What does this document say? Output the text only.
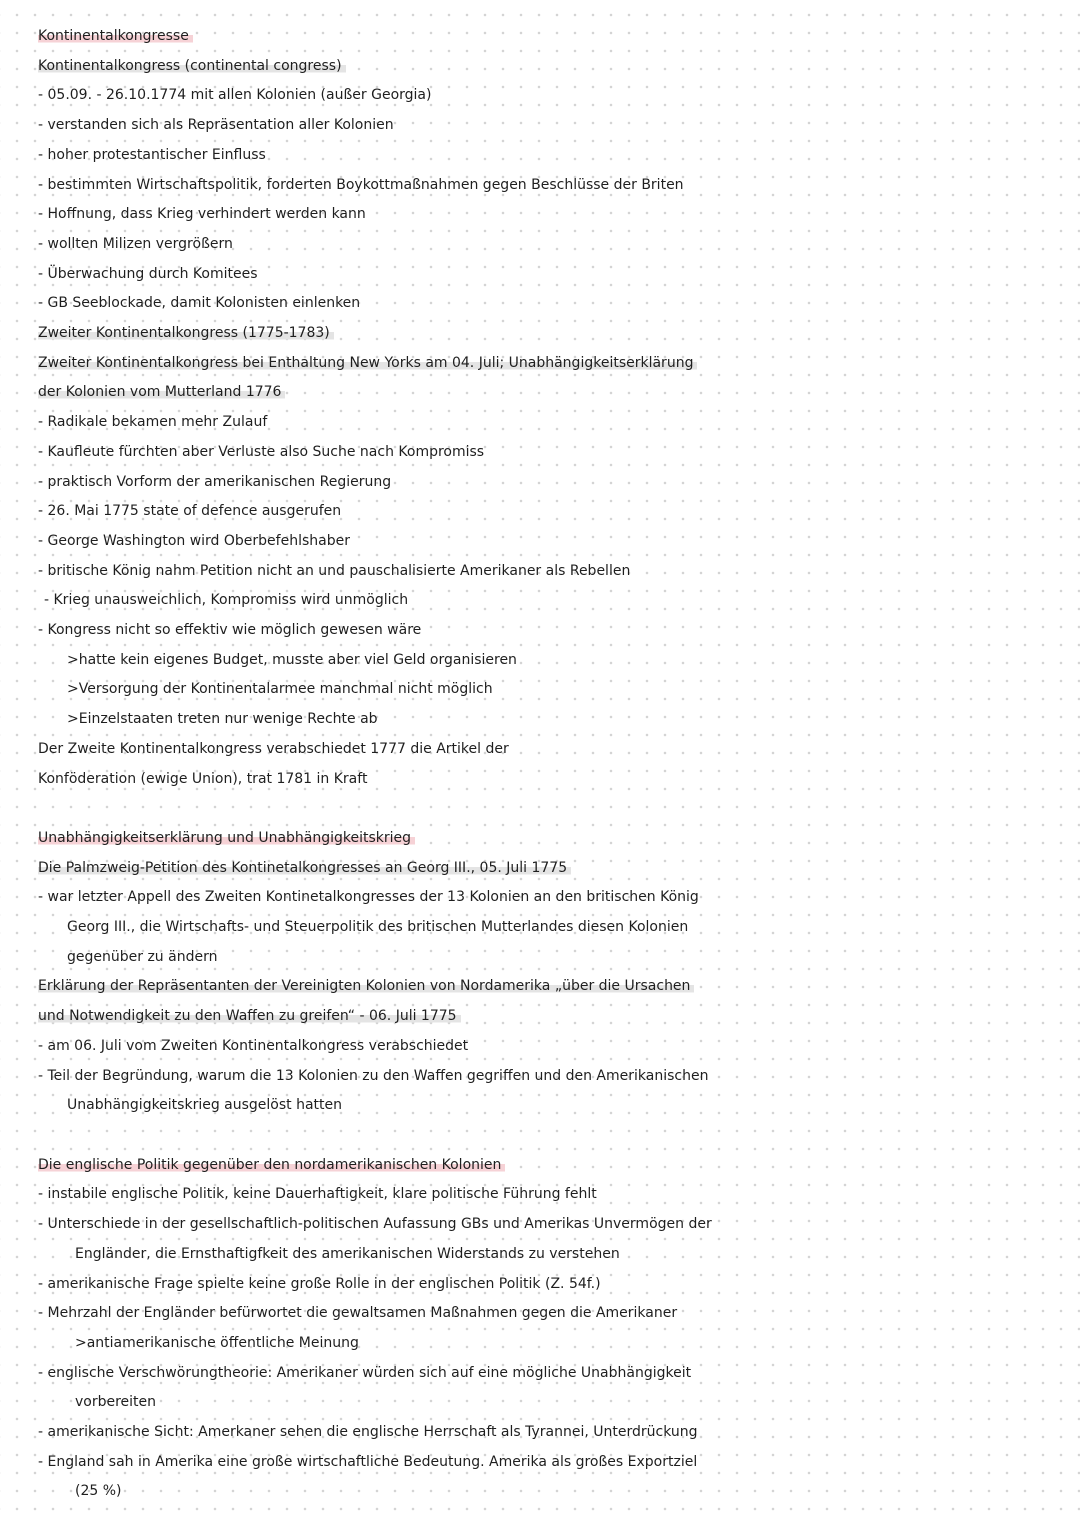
Kontinentalkongresse
Kontinentalkongress (continental congress)
- 05.09. - 26.10.1774 mit allen Kolonien (außer Georgia)
- verstanden sich als Repräsentation aller Kolonien
- hoher protestantischer Einfluss
- bestimmten Wirtschaftspolitik, forderten Boykottmaßnahmen gegen Beschlüsse der Briten
- Hoffnung, dass Krieg verhindert werden kann
- wollten Milizen vergrößern
- Überwachung durch Komitees
- GB Seeblockade, damit Kolonisten einlenken
Zweiter Kontinentalkongress (1775-1783)
Zweiter Kontinentalkongress bei Enthaltung New Yorks am 04. Juli; Unabhängigkeitserklärung
der Kolonien vom Mutterland 1776
- Radikale bekamen mehr Zulauf
- Kaufleute fürchten aber Verluste also Suche nach Kompromiss
- praktisch Vorform der amerikanischen Regierung
- 26. Mai 1775 state of defence ausgerufen
- George Washington wird Oberbefehlshaber
- britische König nahm Petition nicht an und pauschalisierte Amerikaner als Rebellen
- Krieg unausweichlich, Kompromiss wird unmöglich
- Kongress nicht so effektiv wie möglich gewesen wäre
>hatte kein eigenes Budget, musste aber viel Geld organisieren
>Versorgung der Kontinentalarmee manchmal nicht möglich
>Einzelstaaten treten nur wenige Rechte ab
Der Zweite Kontinentalkongress verabschiedet 1777 die Artikel der
Konföderation (ewige Union), trat 1781 in Kraft
Unabhängigkeitserklärung und Unabhängigkeitskrieg
Die Palmzweig-Petition des Kontinetalkongresses an Georg III., 05. Juli 1775
- war letzter Appell des Zweiten Kontinetalkongresses der 13 Kolonien an den britischen König
Georg III., die Wirtschafts- und Steuerpolitik des britischen Mutterlandes diesen Kolonien
gegenüber zu ändern
Erklärung der Repräsentanten der Vereinigten Kolonien von Nordamerika „über die Ursachen
und Notwendigkeit zu den Waffen zu greifen“ - 06. Juli 1775
- am 06. Juli vom Zweiten Kontinentalkongress verabschiedet
- Teil der Begründung, warum die 13 Kolonien zu den Waffen gegriffen und den Amerikanischen
Unabhängigkeitskrieg ausgelöst hatten
Die englische Politik gegenüber den nordamerikanischen Kolonien
- instabile englische Politik, keine Dauerhaftigkeit, klare politische Führung fehlt
- Unterschiede in der gesellschaftlich-politischen Aufassung GBs und Amerikas Unvermögen der
Engländer, die Ernsthaftigfkeit des amerikanischen Widerstands zu verstehen
- amerikanische Frage spielte keine große Rolle in der englischen Politik (Z. 54f.)
- Mehrzahl der Engländer befürwortet die gewaltsamen Maßnahmen gegen die Amerikaner
>antiamerikanische öffentliche Meinung
- englische Verschwörungtheorie: Amerikaner würden sich auf eine mögliche Unabhängigkeit
vorbereiten
- amerikanische Sicht: Amerkaner sehen die englische Herrschaft als Tyrannei, Unterdrückung
- England sah in Amerika eine große wirtschaftliche Bedeutung. Amerika als großes Exportziel
(25 %)
